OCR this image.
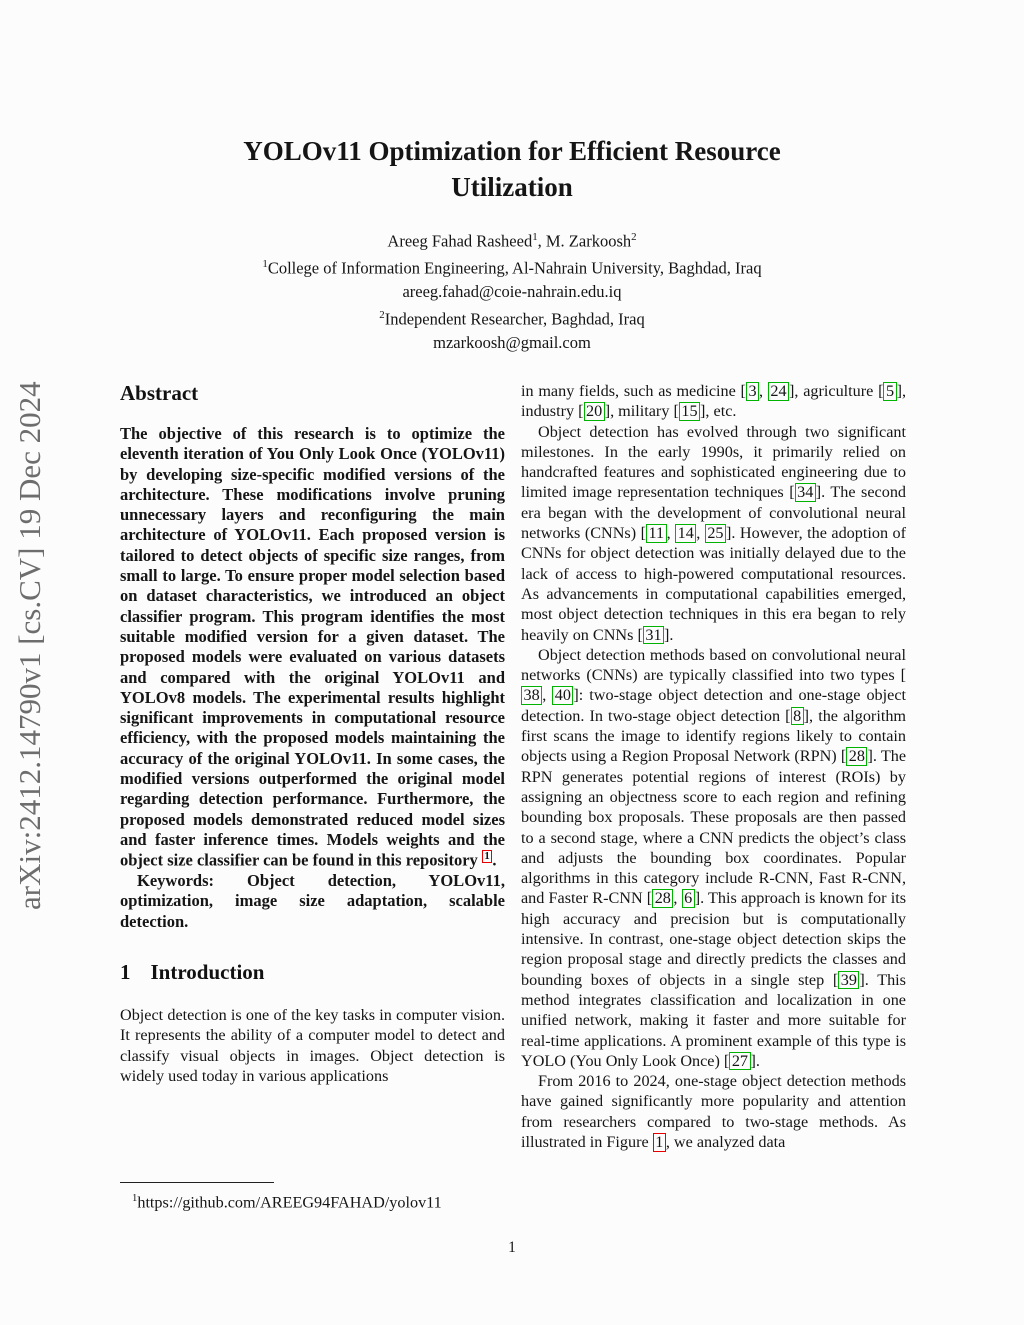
arXiv:2412.14790v1 [cs.CV] 19 Dec 2024
YOLOv11 Optimization for Efficient Resource
Utilization
Areeg Fahad Rasheed$^1$, M. Zarkoosh$^2$
$^1$College of Information Engineering, Al-Nahrain University, Baghdad, Iraq
areeg.fahad@coie-nahrain.edu.iq
$^2$Independent Researcher, Baghdad, Iraq
mzarkoosh@gmail.com
Abstract

The objective of this research is to optimize the eleventh iteration of You Only Look Once (YOLOv11) by developing size-specific modified versions of the architecture. These modifications involve pruning unnecessary layers and reconfiguring the main architecture of YOLOv11. Each proposed version is tailored to detect objects of specific size ranges, from small to large. To ensure proper model selection based on dataset characteristics, we introduced an object classifier program. This program identifies the most suitable modified version for a given dataset. The proposed models were evaluated on various datasets and compared with the original YOLOv11 and YOLOv8 models. The experimental results highlight significant improvements in computational resource efficiency, with the proposed models maintaining the accuracy of the original YOLOv11. In some cases, the modified versions outperformed the original model regarding detection performance. Furthermore, the proposed models demonstrated reduced model sizes and faster inference times. Models weights and the object size classifier can be found in this repository $^1$ .

Keywords: Object detection, YOLOv11, optimization, image size adaptation, scalable detection.

1 Introduction

Object detection is one of the key tasks in computer vision. It represents the ability of a computer model to detect and classify visual objects in images. Object detection is widely used today in various applications

$^1$https://github.com/AREEG94FAHAD/yolov11

in many fields, such as medicine [ 3 , 24 ], agriculture [ 5 ], industry [ 20 ], military [ 15 ], etc.

Object detection has evolved through two significant milestones. In the early 1990s, it primarily relied on handcrafted features and sophisticated engineering due to limited image representation techniques [ 34 ]. The second era began with the development of convolutional neural networks (CNNs) [ 11 , 14 , 25 ]. However, the adoption of CNNs for object detection was initially delayed due to the lack of access to high-powered computational resources. As advancements in computational capabilities emerged, most object detection techniques in this era began to rely heavily on CNNs [ 31 ].

Object detection methods based on convolutional neural networks (CNNs) are typically classified into two types [38 , 40 ]: two-stage object detection and one-stage object detection. In two-stage object detection [ 8 ], the algorithm first scans the image to identify regions likely to contain objects using a Region Proposal Network (RPN) [ 28 ]. The RPN generates potential regions of interest (ROIs) by assigning an objectness score to each region and refining bounding box proposals. These proposals are then passed to a second stage, where a CNN predicts the object’s class and adjusts the bounding box coordinates. Popular algorithms in this category include R-CNN, Fast R-CNN, and Faster R-CNN [ 28 , 6 ]. This approach is known for its high accuracy and precision but is computationally intensive. In contrast, one-stage object detection skips the region proposal stage and directly predicts the classes and bounding boxes of objects in a single step [ 39 ]. This method integrates classification and localization in one unified network, making it faster and more suitable for real-time applications. A prominent example of this type is YOLO (You Only Look Once) [ 27 ].

From 2016 to 2024, one-stage object detection methods have gained significantly more popularity and attention from researchers compared to two-stage methods. As illustrated in Figure 1 , we analyzed data

1
